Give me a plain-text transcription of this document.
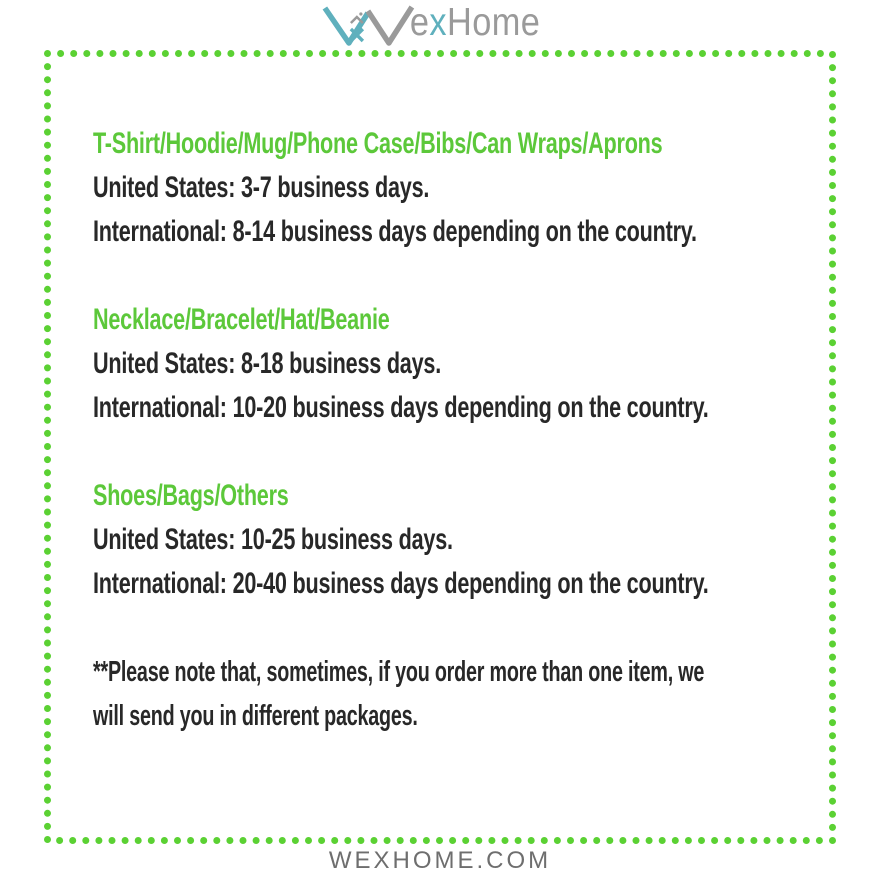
e x Home
T-Shirt/Hoodie/Mug/Phone Case/Bibs/Can Wraps/Aprons
United States: 3-7 business days.
International: 8-14 business days depending on the country.
Necklace/Bracelet/Hat/Beanie
United States: 8-18 business days.
International: 10-20 business days depending on the country.
Shoes/Bags/Others
United States: 10-25 business days.
International: 20-40 business days depending on the country.
**Please note that, sometimes, if you order more than one item, we
will send you in different packages.
WEXHOME.COM
